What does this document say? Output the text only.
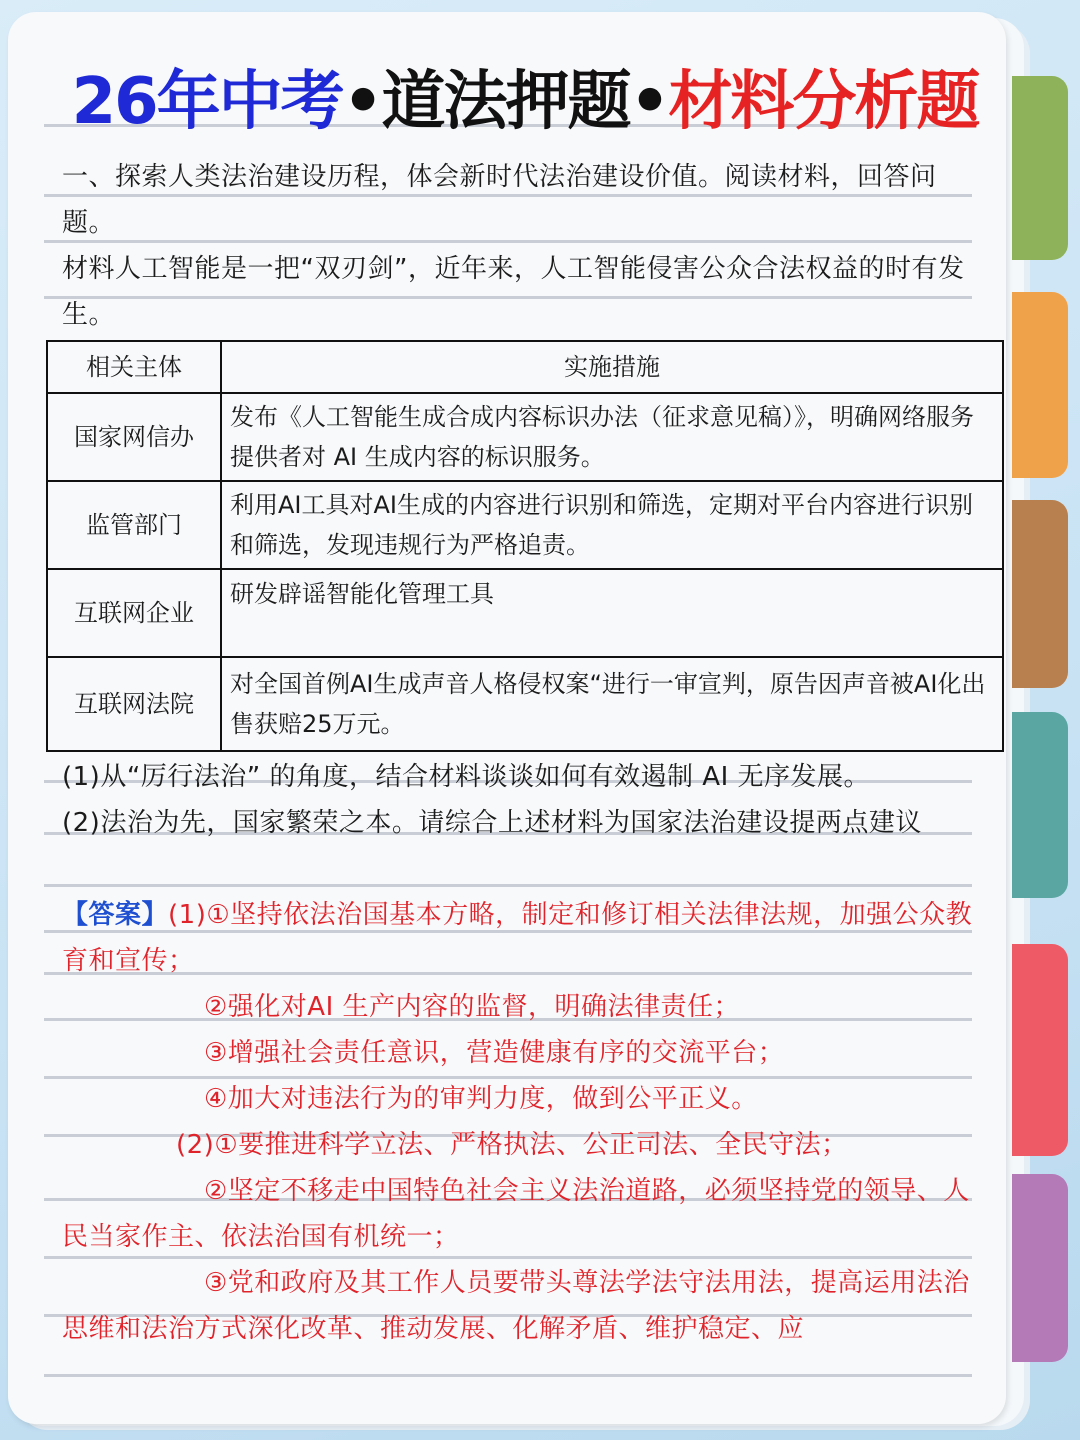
26年中考•道法押题•材料分析题
一、探索人类法治建设历程，体会新时代法治建设价值。阅读材料，回答问题。
材料人工智能是一把“双刃剑”，近年来，人工智能侵害公众合法权益的时有发生。
相关主体	实施措施
国家网信办	发布《人工智能生成合成内容标识办法（征求意见稿）》，明确网络服务提供者对 AI 生成内容的标识服务。
监管部门	利用AI工具对AI生成的内容进行识别和筛选，定期对平台内容进行识别和筛选，发现违规行为严格追责。
互联网企业	研发辟谣智能化管理工具
互联网法院	对全国首例AI生成声音人格侵权案“进行一审宣判，原告因声音被AI化出售获赔25万元。
(1)从“厉行法治” 的角度，结合材料谈谈如何有效遏制 AI 无序发展。
(2)法治为先，国家繁荣之本。请综合上述材料为国家法治建设提两点建议
【答案】(1)①坚持依法治国基本方略，制定和修订相关法律法规，加强公众教育和宣传；
②强化对AI 生产内容的监督，明确法律责任；
③增强社会责任意识，营造健康有序的交流平台；
④加大对违法行为的审判力度，做到公平正义。
(2)①要推进科学立法、严格执法、公正司法、全民守法；
②坚定不移走中国特色社会主义法治道路，必须坚持党的领导、人民当家作主、依法治国有机统一；
③党和政府及其工作人员要带头尊法学法守法用法，提高运用法治思维和法治方式深化改革、推动发展、化解矛盾、维护稳定、应
